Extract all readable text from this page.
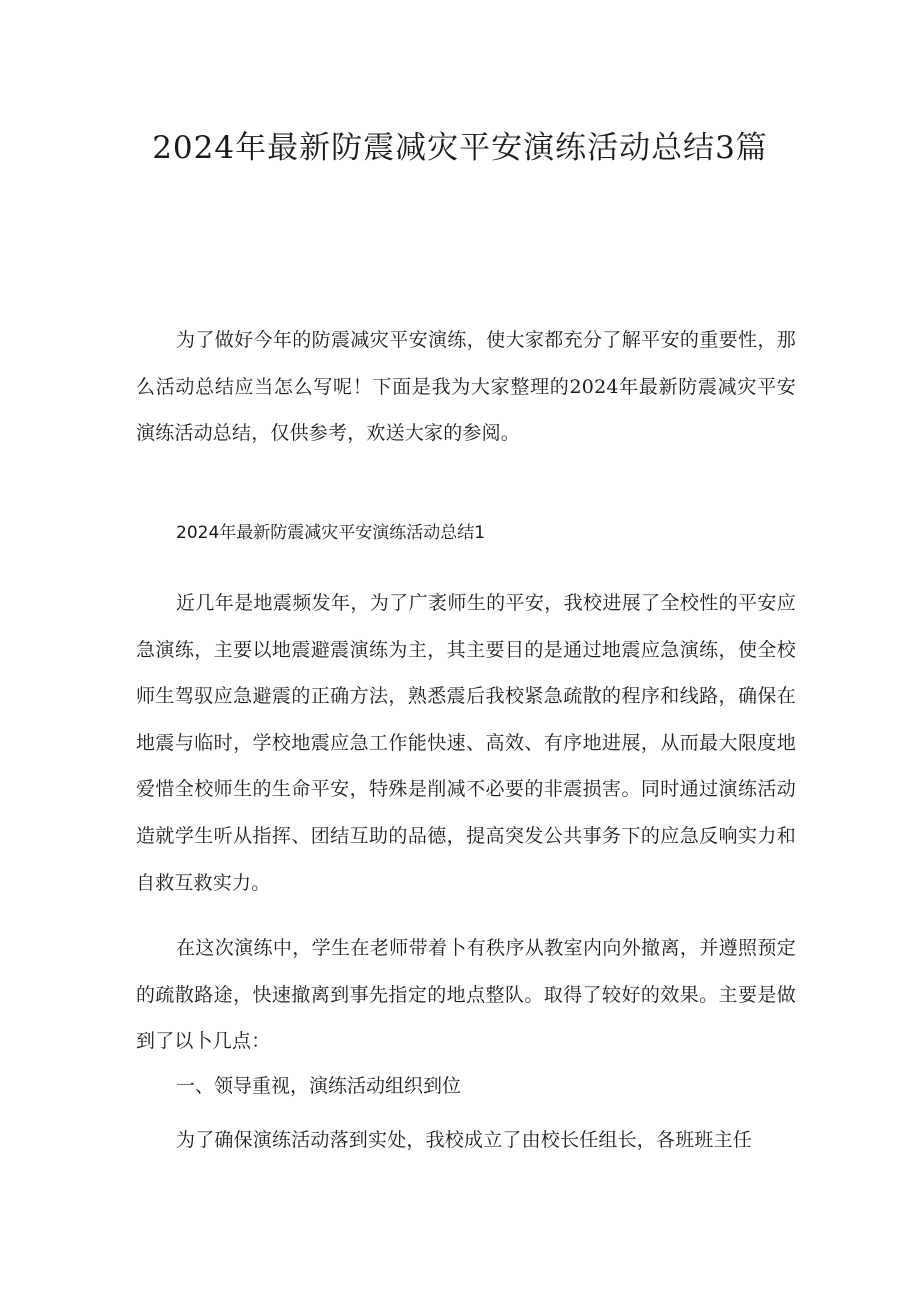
2024年最新防震减灾平安演练活动总结3篇

为了做好今年的防震减灾平安演练，使大家都充分了解平安的重要性，那么活动总结应当怎么写呢！下面是我为大家整理的2024年最新防震减灾平安演练活动总结，仅供参考，欢送大家的参阅。

2024年最新防震减灾平安演练活动总结1

近几年是地震频发年，为了广袤师生的平安，我校进展了全校性的平安应急演练，主要以地震避震演练为主，其主要目的是通过地震应急演练，使全校师生驾驭应急避震的正确方法，熟悉震后我校紧急疏散的程序和线路，确保在地震与临时，学校地震应急工作能快速、高效、有序地进展，从而最大限度地爱惜全校师生的生命平安，特殊是削减不必要的非震损害。同时通过演练活动造就学生听从指挥、团结互助的品德，提高突发公共事务下的应急反响实力和自救互救实力。

在这次演练中，学生在老师带着卜有秩序从教室内向外撤离，并遵照预定的疏散路途，快速撤离到事先指定的地点整队。取得了较好的效果。主要是做到了以卜几点：

一、领导重视，演练活动组织到位

为了确保演练活动落到实处，我校成立了由校长任组长，各班班主任
